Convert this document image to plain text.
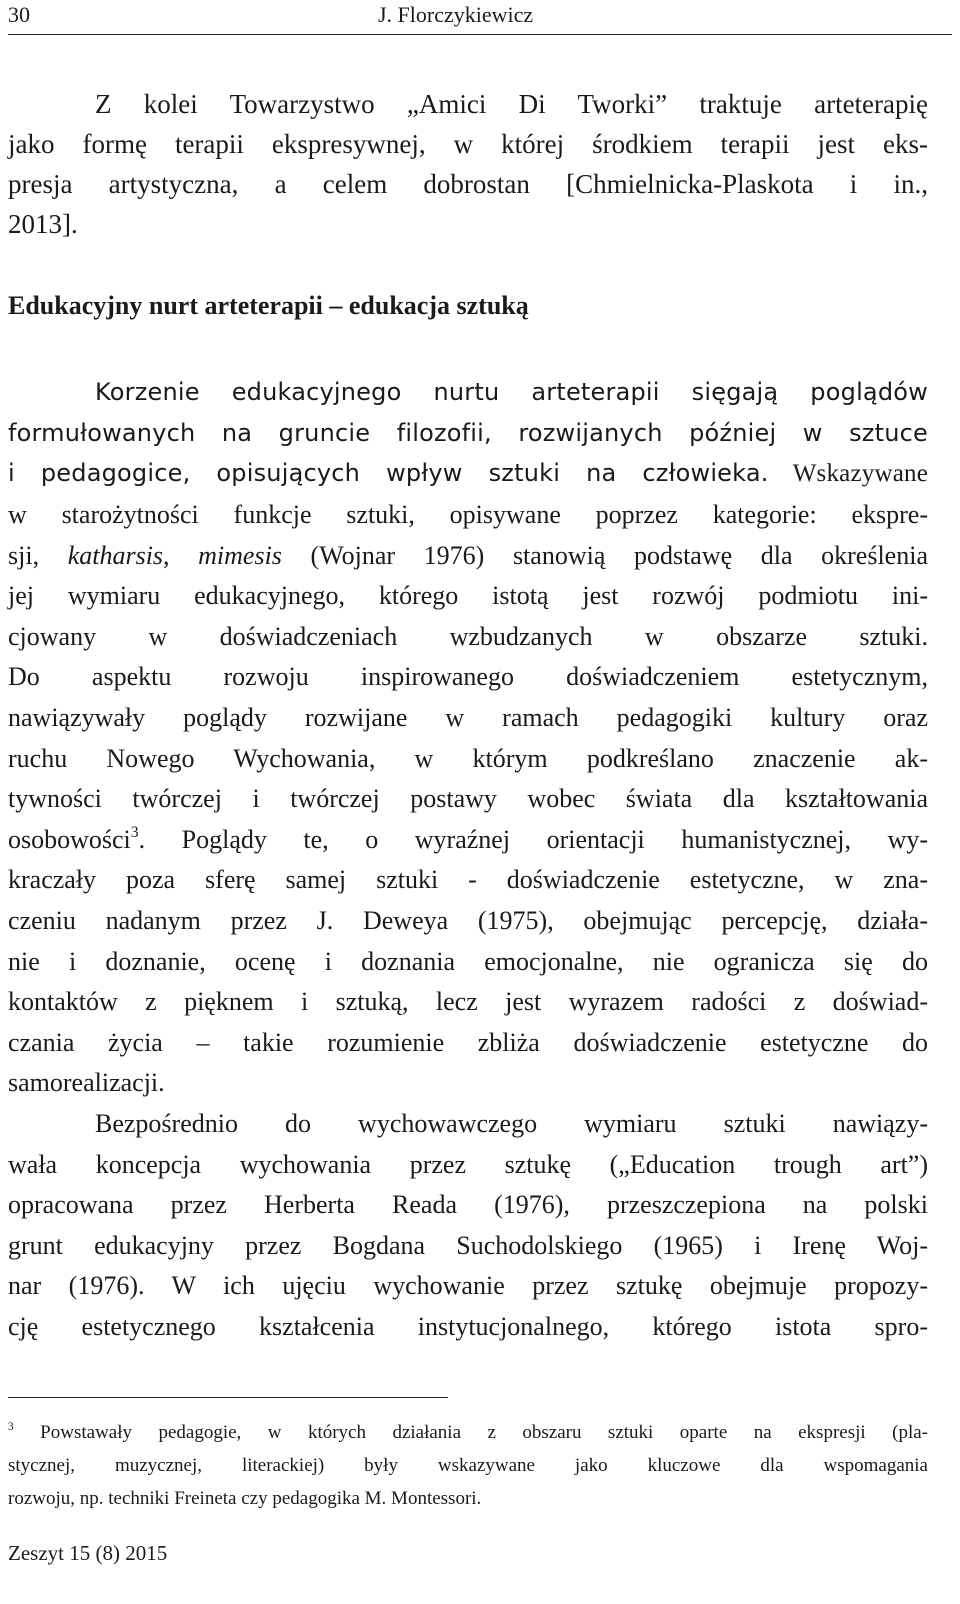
30	J. Florczykiewicz

Z kolei Towarzystwo „Amici Di Tworki” traktuje arteterapię

jako formę terapii ekspresywnej, w której środkiem terapii jest eks-

presja artystyczna, a celem dobrostan [Chmielnicka-Plaskota i in.,

2013].

Edukacyjny nurt arteterapii – edukacja sztuką

Korzenie edukacyjnego nurtu arteterapii sięgają poglądów

formułowanych na gruncie filozofii, rozwijanych później w sztuce

i pedagogice, opisujących wpływ sztuki na człowieka. Wskazywane

w starożytności funkcje sztuki, opisywane poprzez kategorie: ekspre-

sji, katharsis, mimesis (Wojnar 1976) stanowią podstawę dla określenia

jej wymiaru edukacyjnego, którego istotą jest rozwój podmiotu ini-

cjowany w doświadczeniach wzbudzanych w obszarze sztuki.

Do aspektu rozwoju inspirowanego doświadczeniem estetycznym,

nawiązywały poglądy rozwijane w ramach pedagogiki kultury oraz

ruchu Nowego Wychowania, w którym podkreślano znaczenie ak-

tywności twórczej i twórczej postawy wobec świata dla kształtowania

osobowości$^3$. Poglądy te, o wyraźnej orientacji humanistycznej, wy-

kraczały poza sferę samej sztuki - doświadczenie estetyczne, w zna-

czeniu nadanym przez J. Deweya (1975), obejmując percepcję, działa-

nie i doznanie, ocenę i doznania emocjonalne, nie ogranicza się do

kontaktów z pięknem i sztuką, lecz jest wyrazem radości z doświad-

czania życia – takie rozumienie zbliża doświadczenie estetyczne do

samorealizacji.

Bezpośrednio do wychowawczego wymiaru sztuki nawiązy-

wała koncepcja wychowania przez sztukę („Education trough art”)

opracowana przez Herberta Reada (1976), przeszczepiona na polski

grunt edukacyjny przez Bogdana Suchodolskiego (1965) i Irenę Woj-

nar (1976). W ich ujęciu wychowanie przez sztukę obejmuje propozy-

cję estetycznego kształcenia instytucjonalnego, którego istota spro-

$^3$ Powstawały pedagogie, w których działania z obszaru sztuki oparte na ekspresji (pla-

stycznej, muzycznej, literackiej) były wskazywane jako kluczowe dla wspomagania

rozwoju, np. techniki Freineta czy pedagogika M. Montessori.

Zeszyt 15 (8) 2015
